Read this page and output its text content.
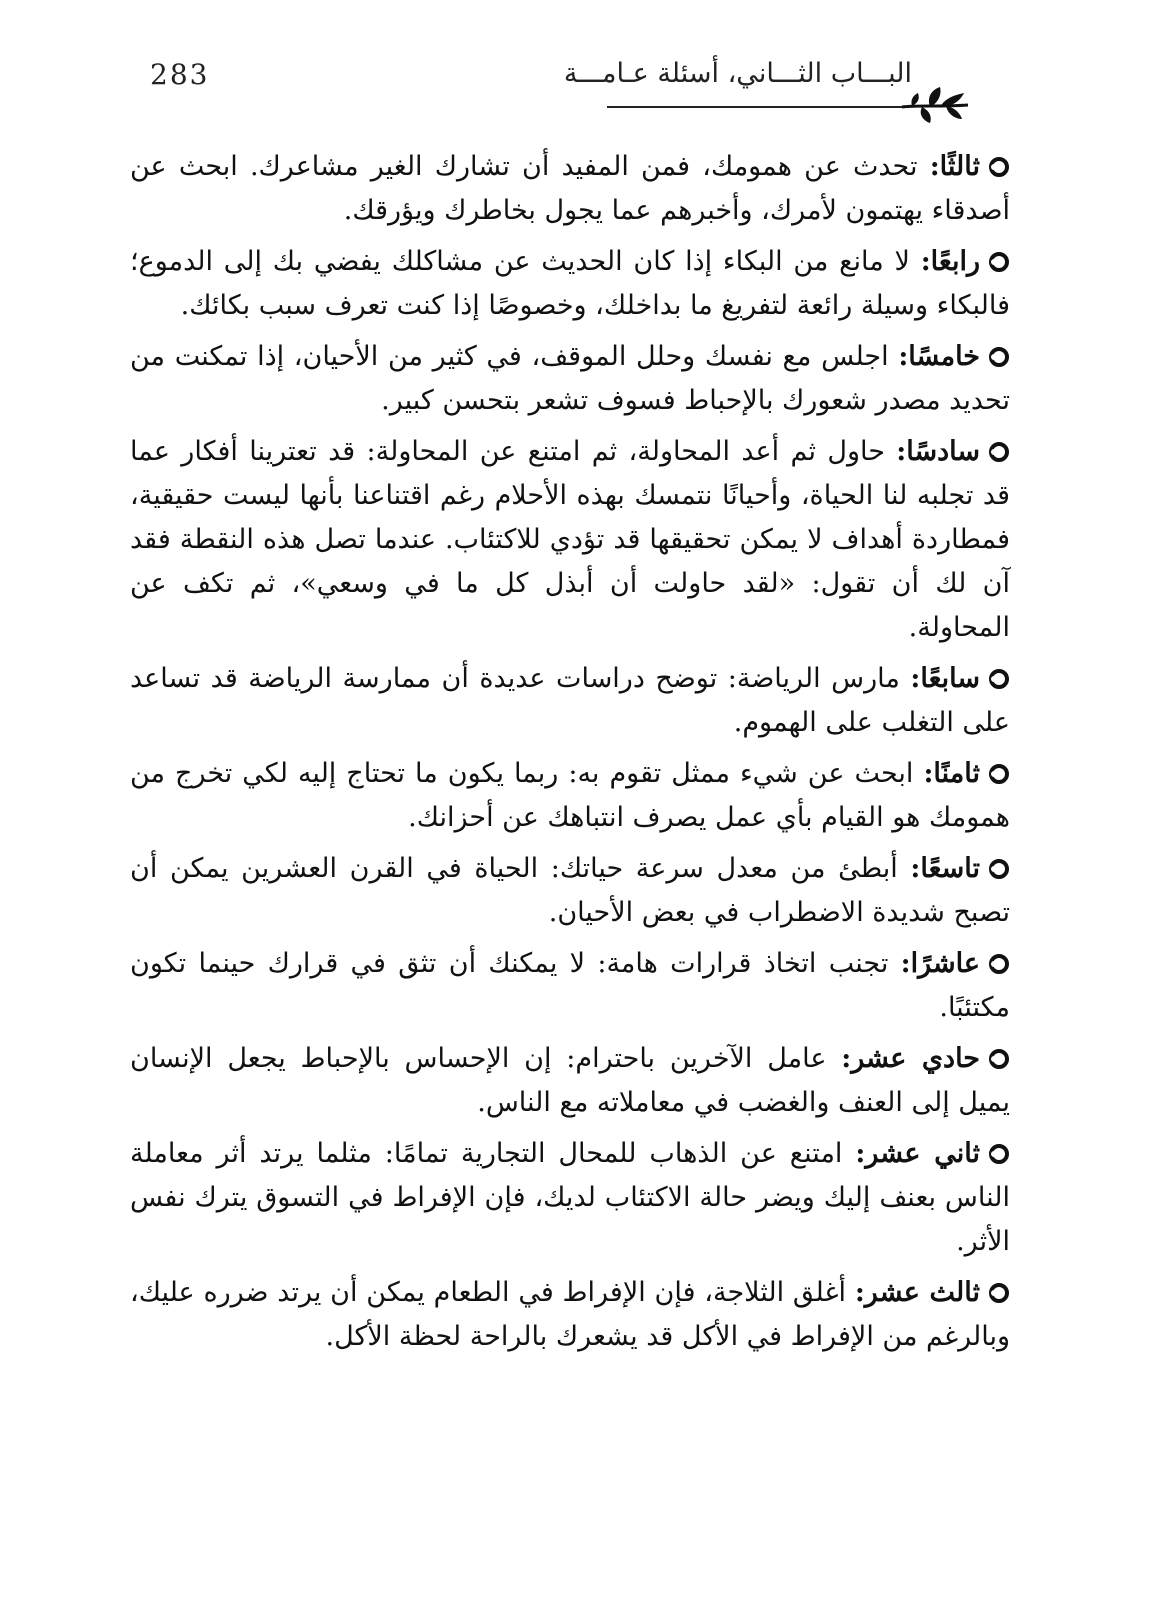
283	البـــاب الثـــاني، أسئلة عـامـــة

ثالثًا: تحدث عن همومك، فمن المفيد أن تشارك الغير مشاعرك. ابحث عن أصدقاء يهتمون لأمرك، وأخبرهم عما يجول بخاطرك ويؤرقك.

رابعًا: لا مانع من البكاء إذا كان الحديث عن مشاكلك يفضي بك إلى الدموع؛ فالبكاء وسيلة رائعة لتفريغ ما بداخلك، وخصوصًا إذا كنت تعرف سبب بكائك.

خامسًا: اجلس مع نفسك وحلل الموقف، في كثير من الأحيان، إذا تمكنت من تحديد مصدر شعورك بالإحباط فسوف تشعر بتحسن كبير.

سادسًا: حاول ثم أعد المحاولة، ثم امتنع عن المحاولة: قد تعترينا أفكار عما قد تجلبه لنا الحياة، وأحيانًا نتمسك بهذه الأحلام رغم اقتناعنا بأنها ليست حقيقية، فمطاردة أهداف لا يمكن تحقيقها قد تؤدي للاكتئاب. عندما تصل هذه النقطة فقد آن لك أن تقول: «لقد حاولت أن أبذل كل ما في وسعي»، ثم تكف عن المحاولة.

سابعًا: مارس الرياضة: توضح دراسات عديدة أن ممارسة الرياضة قد تساعد على التغلب على الهموم.

ثامنًا: ابحث عن شيء ممثل تقوم به: ربما يكون ما تحتاج إليه لكي تخرج من همومك هو القيام بأي عمل يصرف انتباهك عن أحزانك.

تاسعًا: أبطئ من معدل سرعة حياتك: الحياة في القرن العشرين يمكن أن تصبح شديدة الاضطراب في بعض الأحيان.

عاشرًا: تجنب اتخاذ قرارات هامة: لا يمكنك أن تثق في قرارك حينما تكون مكتئبًا.

حادي عشر: عامل الآخرين باحترام: إن الإحساس بالإحباط يجعل الإنسان يميل إلى العنف والغضب في معاملاته مع الناس.

ثاني عشر: امتنع عن الذهاب للمحال التجارية تمامًا: مثلما يرتد أثر معاملة الناس بعنف إليك ويضر حالة الاكتئاب لديك، فإن الإفراط في التسوق يترك نفس الأثر.

ثالث عشر: أغلق الثلاجة، فإن الإفراط في الطعام يمكن أن يرتد ضرره عليك، وبالرغم من الإفراط في الأكل قد يشعرك بالراحة لحظة الأكل.
